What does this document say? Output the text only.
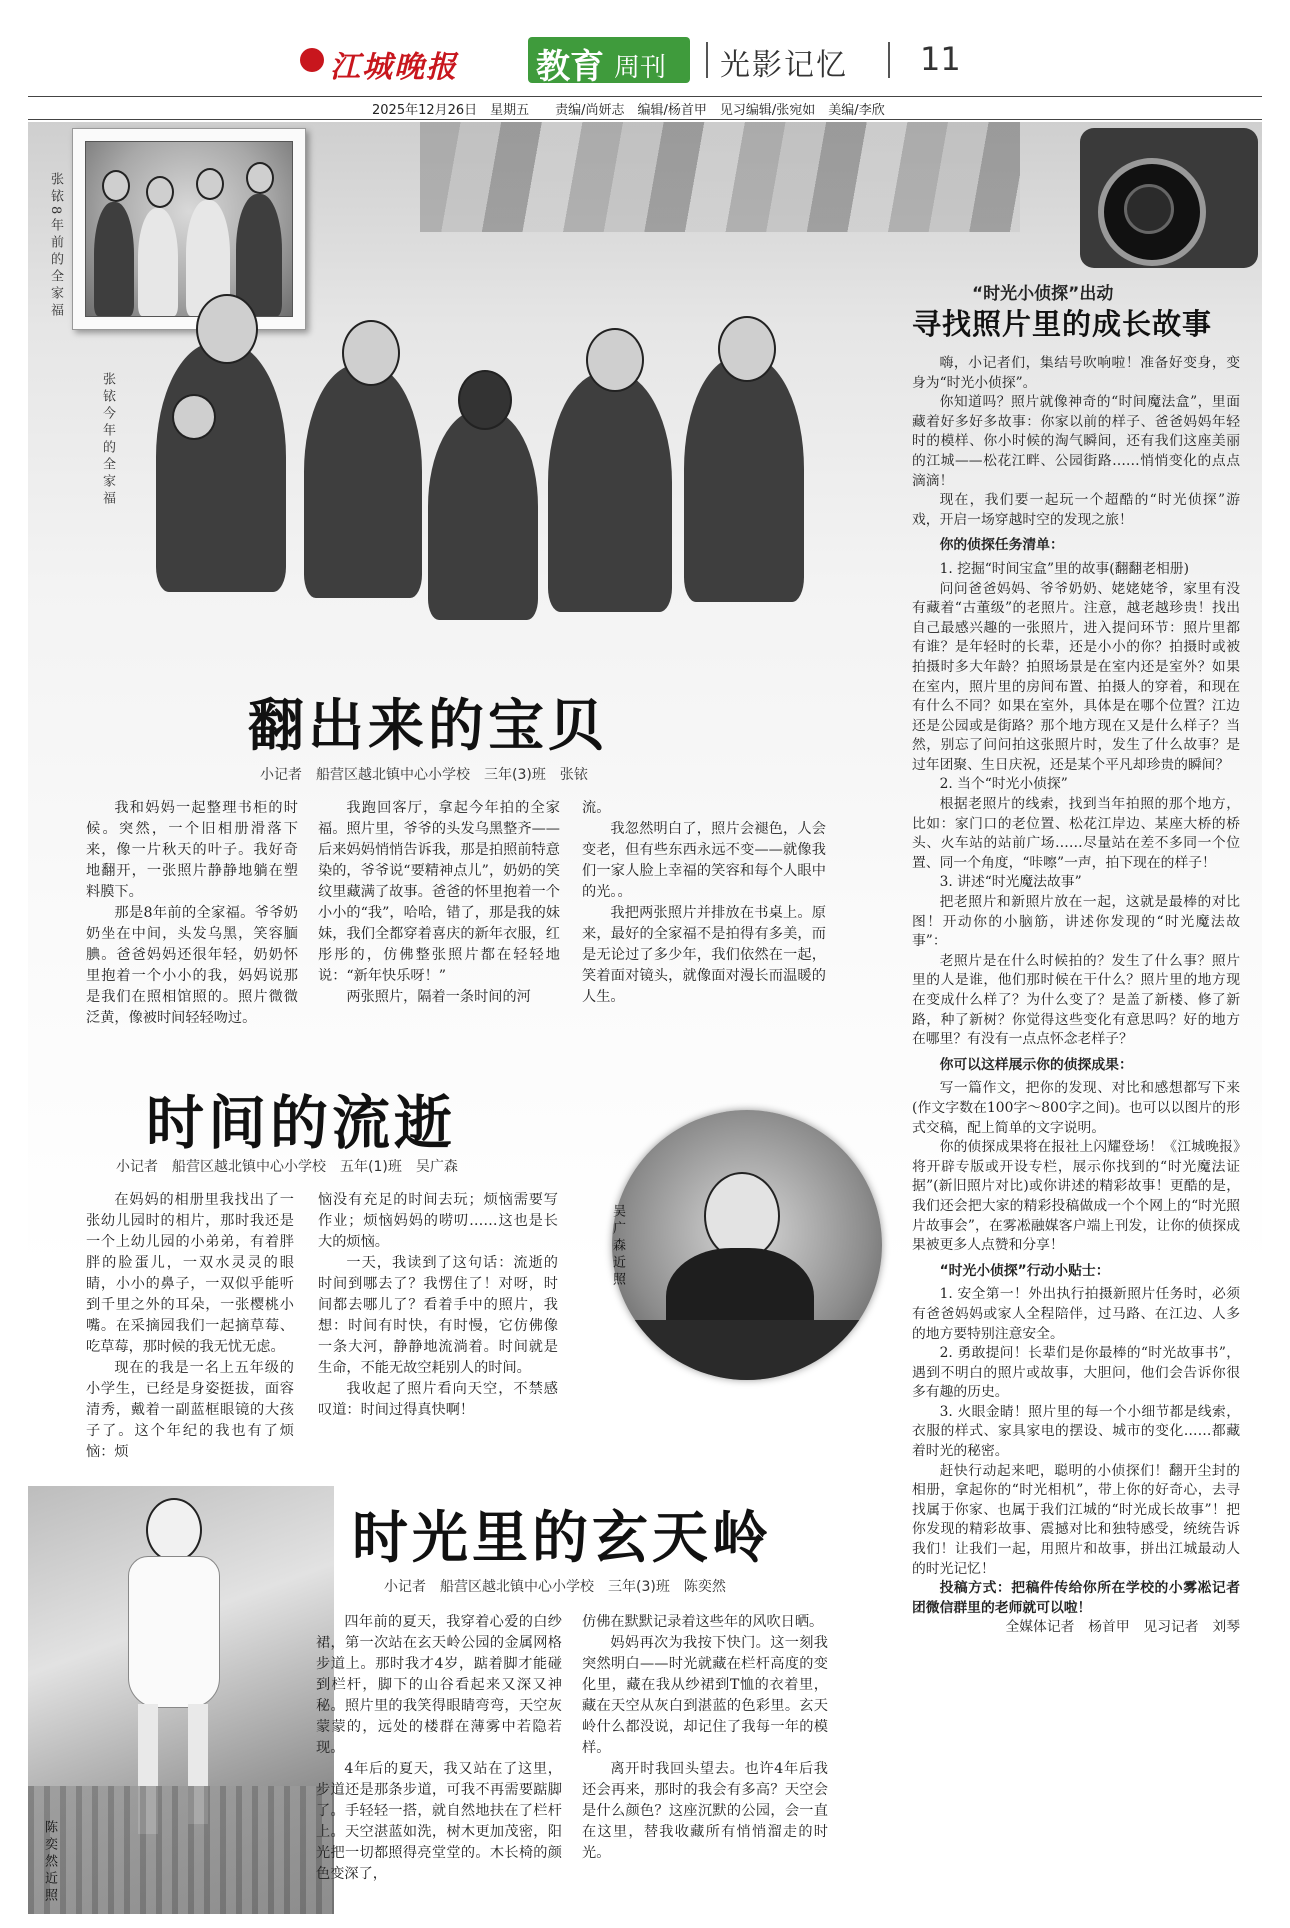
江城晚报 教育 周刊 光影记忆 11
2025年12月26日　星期五　　责编/尚妍志　编辑/杨首甲　见习编辑/张宛如　美编/李欣
张铱8年前的全家福
张铱今年的全家福
翻出来的宝贝
小记者　船营区越北镇中心小学校　三年(3)班　张铱

我和妈妈一起整理书柜的时候。突然，一个旧相册滑落下来，像一片秋天的叶子。我好奇地翻开，一张照片静静地躺在塑料膜下。

那是8年前的全家福。爷爷奶奶坐在中间，头发乌黑，笑容腼腆。爸爸妈妈还很年轻，奶奶怀里抱着一个小小的我，妈妈说那是我们在照相馆照的。照片微微泛黄，像被时间轻轻吻过。

我跑回客厅，拿起今年拍的全家福。照片里，爷爷的头发乌黑整齐——后来妈妈悄悄告诉我，那是拍照前特意染的，爷爷说“要精神点儿”，奶奶的笑纹里藏满了故事。爸爸的怀里抱着一个小小的“我”，哈哈，错了，那是我的妹妹，我们全都穿着喜庆的新年衣服，红彤彤的，仿佛整张照片都在轻轻地说：“新年快乐呀！”

两张照片，隔着一条时间的河

流。

我忽然明白了，照片会褪色，人会变老，但有些东西永远不变——就像我们一家人脸上幸福的笑容和每个人眼中的光。。

我把两张照片并排放在书桌上。原来，最好的全家福不是拍得有多美，而是无论过了多少年，我们依然在一起，笑着面对镜头，就像面对漫长而温暖的人生。

时间的流逝
小记者　船营区越北镇中心小学校　五年(1)班　吴广森

在妈妈的相册里我找出了一张幼儿园时的相片，那时我还是一个上幼儿园的小弟弟，有着胖胖的脸蛋儿，一双水灵灵的眼睛，小小的鼻子，一双似乎能听到千里之外的耳朵，一张樱桃小嘴。在采摘园我们一起摘草莓、吃草莓，那时候的我无忧无虑。

现在的我是一名上五年级的小学生，已经是身姿挺拔，面容清秀，戴着一副蓝框眼镜的大孩子了。这个年纪的我也有了烦恼：烦

恼没有充足的时间去玩；烦恼需要写作业；烦恼妈妈的唠叨……这也是长大的烦恼。

一天，我读到了这句话：流逝的时间到哪去了？我愣住了！对呀，时间都去哪儿了？看着手中的照片，我想：时间有时快，有时慢，它仿佛像一条大河，静静地流淌着。时间就是生命，不能无故空耗别人的时间。

我收起了照片看向天空，不禁感叹道：时间过得真快啊！

吴广森近照
陈奕然近照
时光里的玄天岭
小记者　船营区越北镇中心小学校　三年(3)班　陈奕然

四年前的夏天，我穿着心爱的白纱裙，第一次站在玄天岭公园的金属网格步道上。那时我才4岁，踮着脚才能碰到栏杆，脚下的山谷看起来又深又神秘。照片里的我笑得眼睛弯弯，天空灰蒙蒙的，远处的楼群在薄雾中若隐若现。

4年后的夏天，我又站在了这里，步道还是那条步道，可我不再需要踮脚了。手轻轻一搭，就自然地扶在了栏杆上。天空湛蓝如洗，树木更加茂密，阳光把一切都照得亮堂堂的。木长椅的颜色变深了，

仿佛在默默记录着这些年的风吹日晒。

妈妈再次为我按下快门。这一刻我突然明白——时光就藏在栏杆高度的变化里，藏在我从纱裙到T恤的衣着里，藏在天空从灰白到湛蓝的色彩里。玄天岭什么都没说，却记住了我每一年的模样。

离开时我回头望去。也许4年后我还会再来，那时的我会有多高？天空会是什么颜色？这座沉默的公园，会一直在这里，替我收藏所有悄悄溜走的时光。

“时光小侦探”出动
寻找照片里的成长故事

嗨，小记者们，集结号吹响啦！准备好变身，变身为“时光小侦探”。

你知道吗？照片就像神奇的“时间魔法盒”，里面藏着好多好多故事：你家以前的样子、爸爸妈妈年轻时的模样、你小时候的淘气瞬间，还有我们这座美丽的江城——松花江畔、公园街路……悄悄变化的点点滴滴！

现在，我们要一起玩一个超酷的“时光侦探”游戏，开启一场穿越时空的发现之旅！

你的侦探任务清单：

1. 挖掘“时间宝盒”里的故事(翻翻老相册)

问问爸爸妈妈、爷爷奶奶、姥姥姥爷，家里有没有藏着“古董级”的老照片。注意，越老越珍贵！找出自己最感兴趣的一张照片，进入提问环节：照片里都有谁？是年轻时的长辈，还是小小的你？拍摄时或被拍摄时多大年龄？拍照场景是在室内还是室外？如果在室内，照片里的房间布置、拍摄人的穿着，和现在有什么不同？如果在室外，具体是在哪个位置？江边还是公园或是街路？那个地方现在又是什么样子？当然，别忘了问问拍这张照片时，发生了什么故事？是过年团聚、生日庆祝，还是某个平凡却珍贵的瞬间？

2. 当个“时光小侦探”

根据老照片的线索，找到当年拍照的那个地方，比如：家门口的老位置、松花江岸边、某座大桥的桥头、火车站的站前广场……尽量站在差不多同一个位置、同一个角度，“咔嚓”一声，拍下现在的样子！

3. 讲述“时光魔法故事”

把老照片和新照片放在一起，这就是最棒的对比图！开动你的小脑筋，讲述你发现的“时光魔法故事”：

老照片是在什么时候拍的？发生了什么事？照片里的人是谁，他们那时候在干什么？照片里的地方现在变成什么样了？为什么变了？是盖了新楼、修了新路，种了新树？你觉得这些变化有意思吗？好的地方在哪里？有没有一点点怀念老样子？

你可以这样展示你的侦探成果：

写一篇作文，把你的发现、对比和感想都写下来(作文字数在100字～800字之间)。也可以以图片的形式交稿，配上简单的文字说明。

你的侦探成果将在报社上闪耀登场！《江城晚报》将开辟专版或开设专栏，展示你找到的“时光魔法证据”(新旧照片对比)或你讲述的精彩故事！更酷的是，我们还会把大家的精彩投稿做成一个个网上的“时光照片故事会”，在雾凇融媒客户端上刊发，让你的侦探成果被更多人点赞和分享！

“时光小侦探”行动小贴士：

1. 安全第一！外出执行拍摄新照片任务时，必须有爸爸妈妈或家人全程陪伴，过马路、在江边、人多的地方要特别注意安全。

2. 勇敢提问！长辈们是你最棒的“时光故事书”，遇到不明白的照片或故事，大胆问，他们会告诉你很多有趣的历史。

3. 火眼金睛！照片里的每一个小细节都是线索，衣服的样式、家具家电的摆设、城市的变化……都藏着时光的秘密。

赶快行动起来吧，聪明的小侦探们！翻开尘封的相册，拿起你的“时光相机”，带上你的好奇心，去寻找属于你家、也属于我们江城的“时光成长故事”！把你发现的精彩故事、震撼对比和独特感受，统统告诉我们！让我们一起，用照片和故事，拼出江城最动人的时光记忆！

投稿方式：把稿件传给你所在学校的小雾凇记者团微信群里的老师就可以啦！

全媒体记者　杨首甲　见习记者　刘琴
